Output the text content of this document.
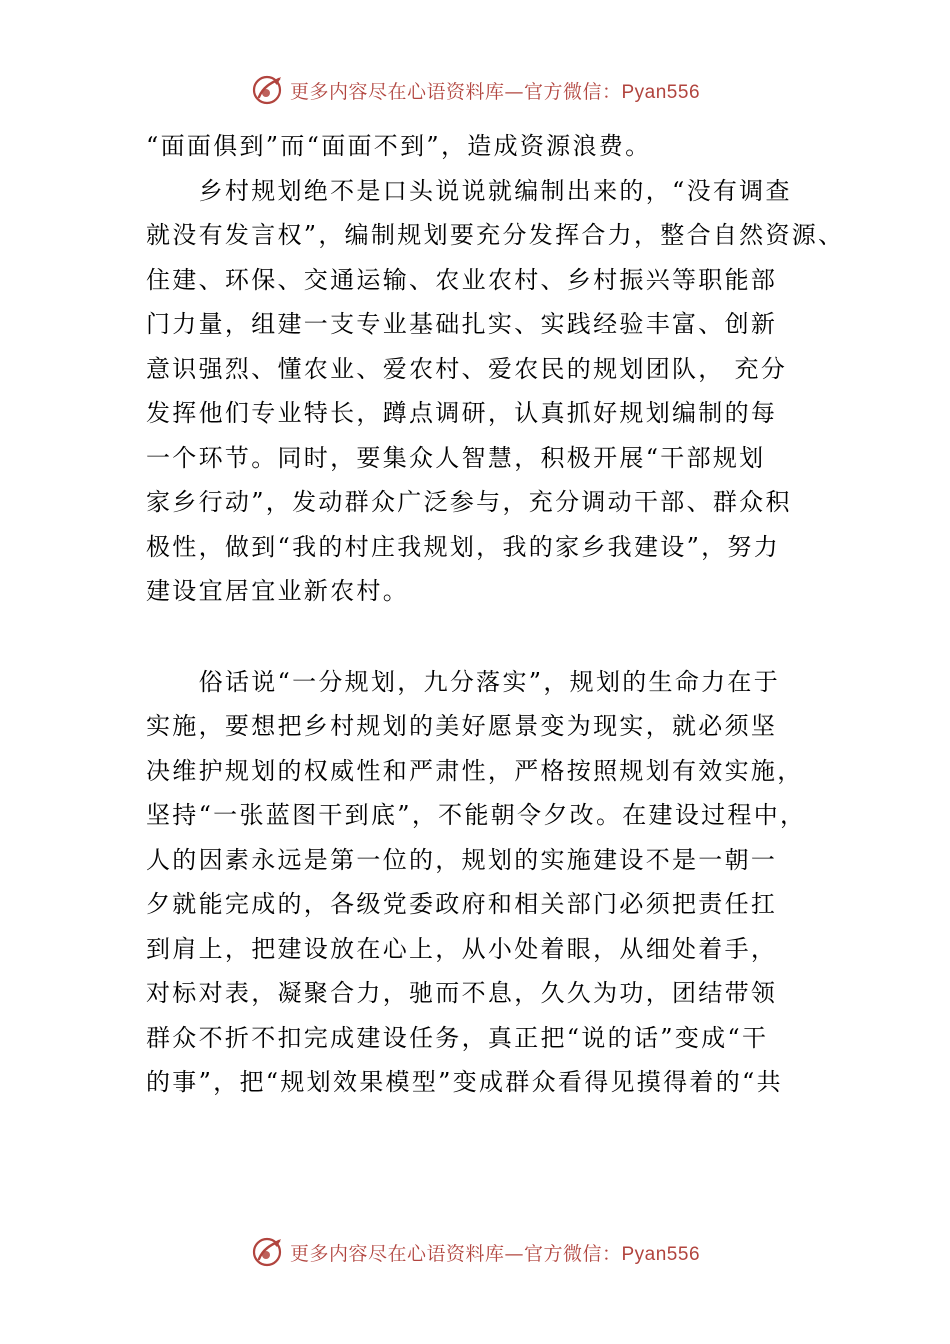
更多内容尽在心语资料库—官方微信：Pyan556
“面面俱到”而“面面不到”，造成资源浪费。
　　乡村规划绝不是口头说说就编制出来的，“没有调查
就没有发言权”，编制规划要充分发挥合力，整合自然资源、
住建、环保、交通运输、农业农村、乡村振兴等职能部
门力量，组建一支专业基础扎实、实践经验丰富、创新
意识强烈、懂农业、爱农村、爱农民的规划团队， 充分
发挥他们专业特长，蹲点调研，认真抓好规划编制的每
一个环节。同时，要集众人智慧，积极开展“干部规划
家乡行动”，发动群众广泛参与，充分调动干部、群众积
极性，做到“我的村庄我规划，我的家乡我建设”，努力
建设宜居宜业新农村。
　　俗话说“一分规划，九分落实”，规划的生命力在于
实施，要想把乡村规划的美好愿景变为现实，就必须坚
决维护规划的权威性和严肃性，严格按照规划有效实施，
坚持“一张蓝图干到底”，不能朝令夕改。在建设过程中，
人的因素永远是第一位的，规划的实施建设不是一朝一
夕就能完成的，各级党委政府和相关部门必须把责任扛
到肩上，把建设放在心上，从小处着眼，从细处着手，
对标对表，凝聚合力，驰而不息，久久为功，团结带领
群众不折不扣完成建设任务，真正把“说的话”变成“干
的事”，把“规划效果模型”变成群众看得见摸得着的“共
更多内容尽在心语资料库—官方微信：Pyan556
